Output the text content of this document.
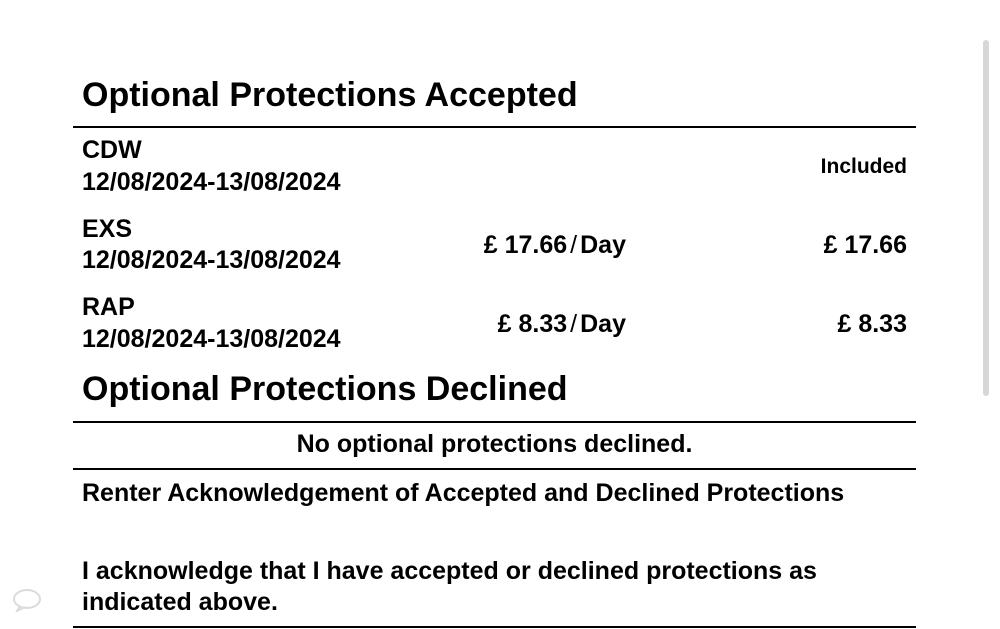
Optional Protections Accepted
CDW
12/08/2024-13/08/2024
Included
EXS
12/08/2024-13/08/2024
£ 17.66 / Day	£ 17.66
RAP
12/08/2024-13/08/2024
£ 8.33 / Day	£ 8.33
Optional Protections Declined
No optional protections declined.
Renter Acknowledgement of Accepted and Declined Protections
I acknowledge that I have accepted or declined protections as indicated above.
